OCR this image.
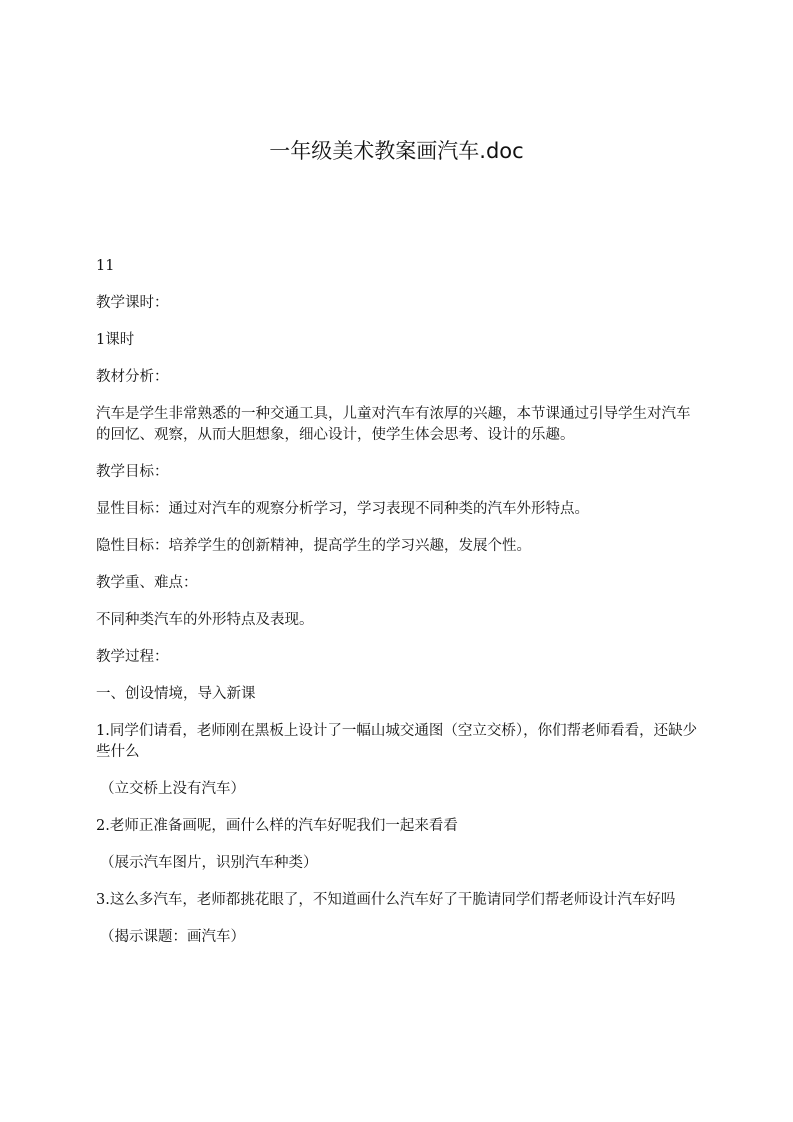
一年级美术教案画汽车.doc

11

教学课时：

1课时

教材分析：

汽车是学生非常熟悉的一种交通工具，儿童对汽车有浓厚的兴趣，本节课通过引导学生对汽车的回忆、观察，从而大胆想象，细心设计，使学生体会思考、设计的乐趣。

教学目标：

显性目标：通过对汽车的观察分析学习，学习表现不同种类的汽车外形特点。

隐性目标：培养学生的创新精神，提高学生的学习兴趣，发展个性。

教学重、难点：

不同种类汽车的外形特点及表现。

教学过程：

一、创设情境，导入新课

1.同学们请看，老师刚在黑板上设计了一幅山城交通图（空立交桥），你们帮老师看看，还缺少些什么

（立交桥上没有汽车）

2.老师正准备画呢，画什么样的汽车好呢我们一起来看看

（展示汽车图片，识别汽车种类）

3.这么多汽车，老师都挑花眼了，不知道画什么汽车好了干脆请同学们帮老师设计汽车好吗

（揭示课题：画汽车）
